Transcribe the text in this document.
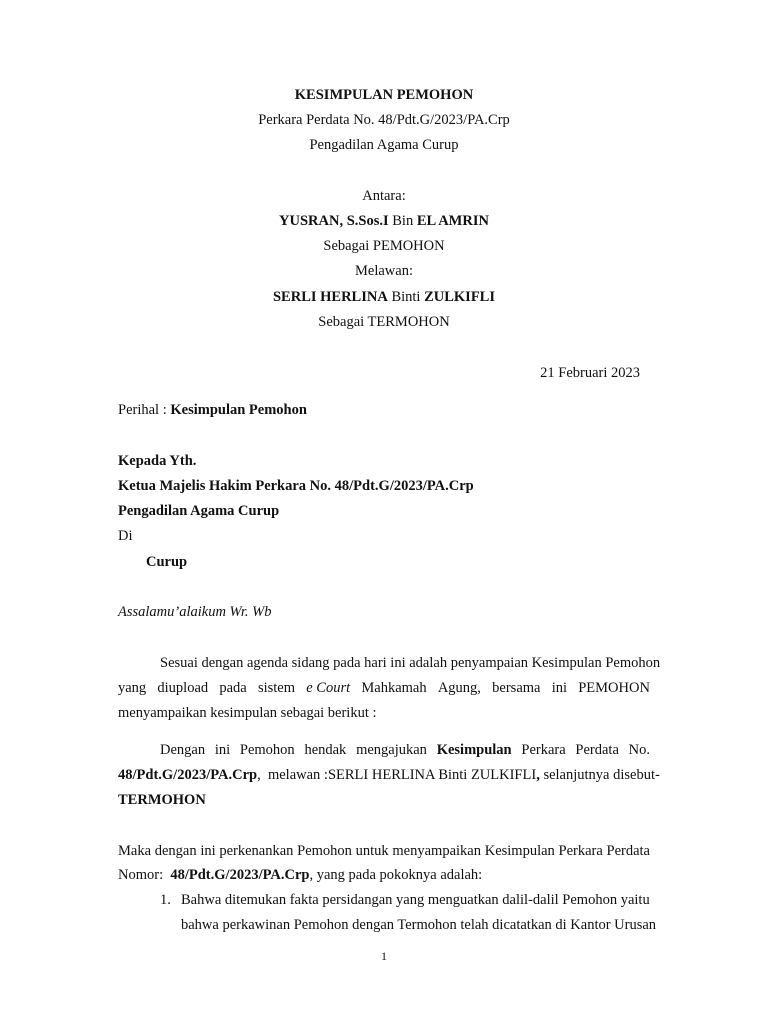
KESIMPULAN PEMOHON
Perkara Perdata No. 48/Pdt.G/2023/PA.Crp
Pengadilan Agama Curup
Antara:
YUSRAN, S.Sos.I Bin EL AMRIN
Sebagai PEMOHON
Melawan:
SERLI HERLINA Binti ZULKIFLI
Sebagai TERMOHON
21 Februari 2023
Perihal : Kesimpulan Pemohon
Kepada Yth.
Ketua Majelis Hakim Perkara No. 48/Pdt.G/2023/PA.Crp
Pengadilan Agama Curup
Di
Curup
Assalamu’alaikum Wr. Wb
Sesuai dengan agenda sidang pada hari ini adalah penyampaian Kesimpulan Pemohon
yang diupload pada sistem e Court Mahkamah Agung, bersama ini PEMOHON
menyampaikan kesimpulan sebagai berikut :
Dengan ini Pemohon hendak mengajukan Kesimpulan Perkara Perdata No.
48/Pdt.G/2023/PA.Crp,  melawan :SERLI HERLINA Binti ZULKIFLI, selanjutnya disebut-
TERMOHON
Maka dengan ini perkenankan Pemohon untuk menyampaikan Kesimpulan Perkara Perdata
Nomor:  48/Pdt.G/2023/PA.Crp, yang pada pokoknya adalah:
1. Bahwa ditemukan fakta persidangan yang menguatkan dalil-dalil Pemohon yaitu
bahwa perkawinan Pemohon dengan Termohon telah dicatatkan di Kantor Urusan
1
